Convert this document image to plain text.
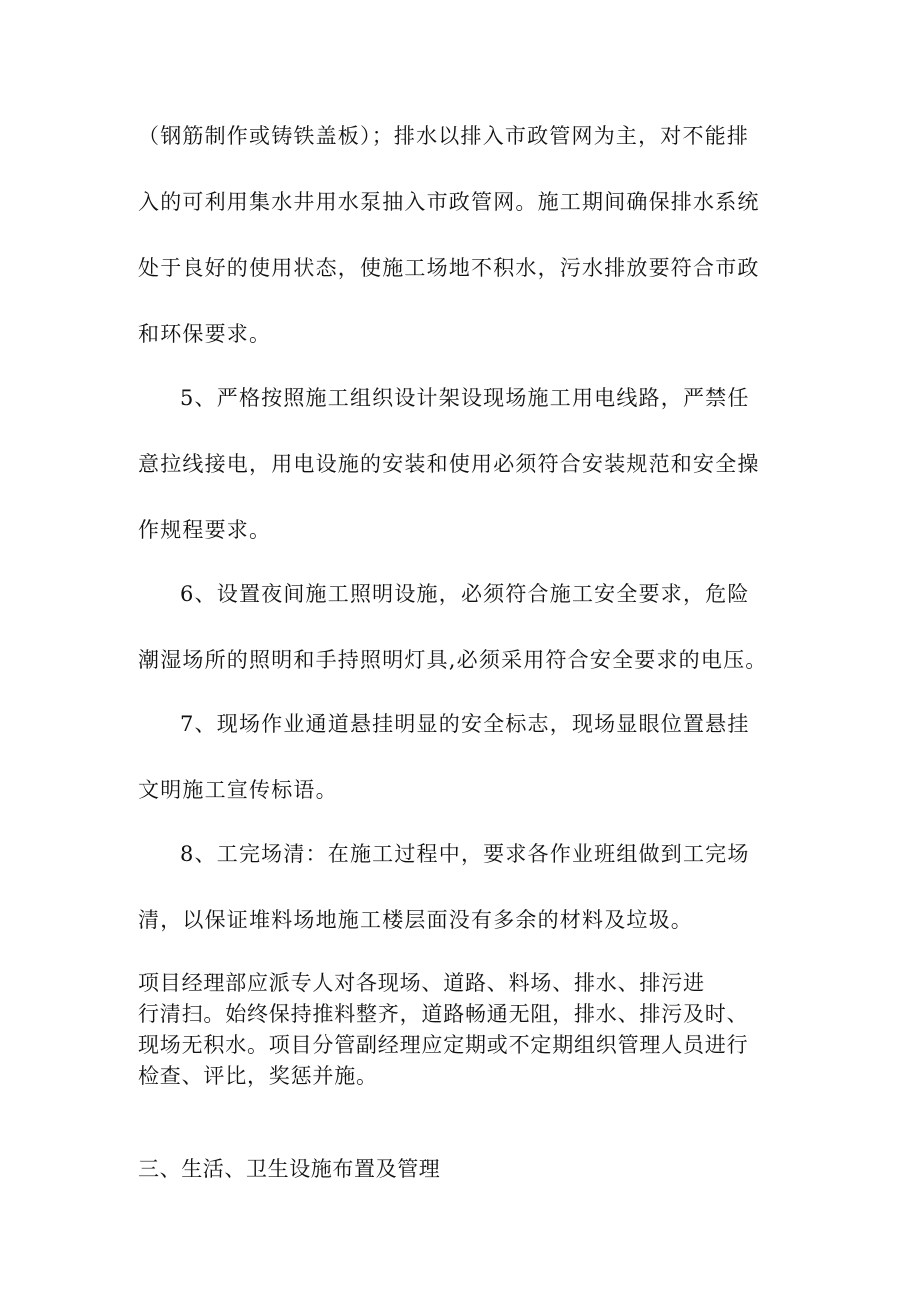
（钢筋制作或铸铁盖板）；排水以排入市政管网为主，对不能排
入的可利用集水井用水泵抽入市政管网。施工期间确保排水系统
处于良好的使用状态，使施工场地不积水，污水排放要符合市政
和环保要求。
5、严格按照施工组织设计架设现场施工用电线路，严禁任
意拉线接电，用电设施的安装和使用必须符合安装规范和安全操
作规程要求。
6、设置夜间施工照明设施，必须符合施工安全要求，危险
潮湿场所的照明和手持照明灯具,必须采用符合安全要求的电压。
7、现场作业通道悬挂明显的安全标志，现场显眼位置悬挂
文明施工宣传标语。
8、工完场清：在施工过程中，要求各作业班组做到工完场
清，以保证堆料场地施工楼层面没有多余的材料及垃圾。
项目经理部应派专人对各现场、道路、料场、排水、排污进
行清扫。始终保持推料整齐，道路畅通无阻，排水、排污及时、
现场无积水。项目分管副经理应定期或不定期组织管理人员进行
检查、评比，奖惩并施。
三、生活、卫生设施布置及管理
